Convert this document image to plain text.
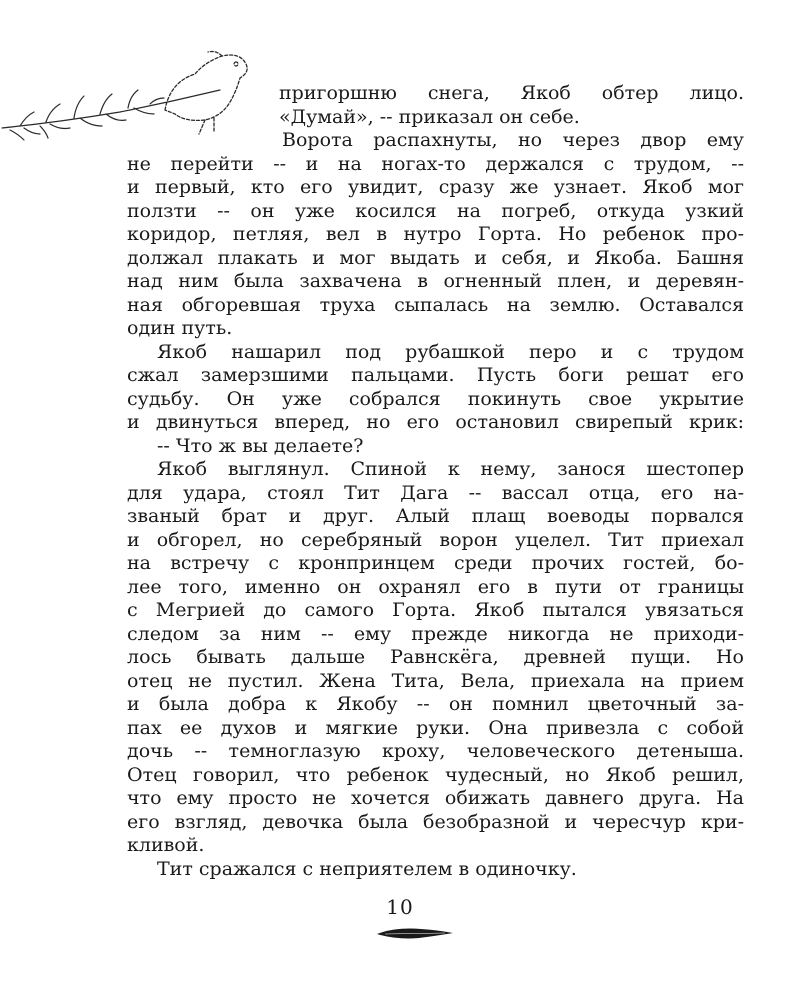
пригоршню снега, Якоб обтер лицо.
«Думай», -- приказал он себе.
Ворота распахнуты, но через двор ему
не перейти -- и на ногах-то держался с трудом, --
и первый, кто его увидит, сразу же узнает. Якоб мог
ползти -- он уже косился на погреб, откуда узкий
коридор, петляя, вел в нутро Горта. Но ребенок про-
должал плакать и мог выдать и себя, и Якоба. Башня
над ним была захвачена в огненный плен, и деревян-
ная обгоревшая труха сыпалась на землю. Оставался
один путь.
Якоб нашарил под рубашкой перо и с трудом
сжал замерзшими пальцами. Пусть боги решат его
судьбу. Он уже собрался покинуть свое укрытие
и двинуться вперед, но его остановил свирепый крик:
-- Что ж вы делаете?
Якоб выглянул. Спиной к нему, занося шестопер
для удара, стоял Тит Дага -- вассал отца, его на-
званый брат и друг. Алый плащ воеводы порвался
и обгорел, но серебряный ворон уцелел. Тит приехал
на встречу с кронпринцем среди прочих гостей, бо-
лее того, именно он охранял его в пути от границы
с Мегрией до самого Горта. Якоб пытался увязаться
следом за ним -- ему прежде никогда не приходи-
лось бывать дальше Равнскёга, древней пущи. Но
отец не пустил. Жена Тита, Вела, приехала на прием
и была добра к Якобу -- он помнил цветочный за-
пах ее духов и мягкие руки. Она привезла с собой
дочь -- темноглазую кроху, человеческого детеныша.
Отец говорил, что ребенок чудесный, но Якоб решил,
что ему просто не хочется обижать давнего друга. На
его взгляд, девочка была безобразной и чересчур кри-
кливой.
Тит сражался с неприятелем в одиночку.
10
